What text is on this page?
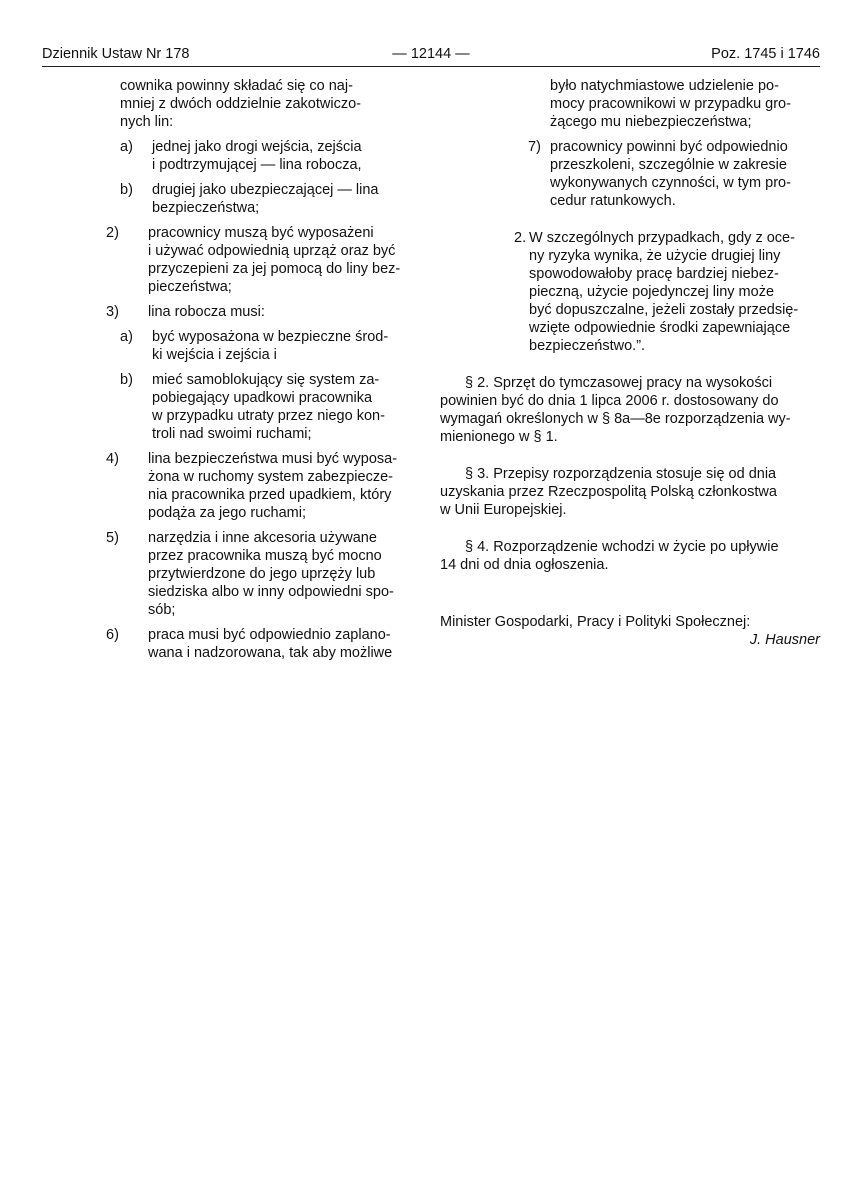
— 12144 —
Dziennik Ustaw Nr 178	Poz. 1745 i 1746
cownika powinny składać się co naj-
mniej z dwóch oddzielnie zakotwiczo-
nych lin:
a) jednej jako drogi wejścia, zejścia
i podtrzymującej — lina robocza,
b) drugiej jako ubezpieczającej — lina
bezpieczeństwa;
2) pracownicy muszą być wyposażeni
i używać odpowiednią uprząż oraz być
przyczepieni za jej pomocą do liny bez-
pieczeństwa;
3) lina robocza musi:
a) być wyposażona w bezpieczne środ-
ki wejścia i zejścia i
b) mieć samoblokujący się system za-
pobiegający upadkowi pracownika
w przypadku utraty przez niego kon-
troli nad swoimi ruchami;
4) lina bezpieczeństwa musi być wyposa-
żona w ruchomy system zabezpiecze-
nia pracownika przed upadkiem, który
podąża za jego ruchami;
5) narzędzia i inne akcesoria używane
przez pracownika muszą być mocno
przytwierdzone do jego uprzęży lub
siedziska albo w inny odpowiedni spo-
sób;
6) praca musi być odpowiednio zaplano-
wana i nadzorowana, tak aby możliwe
było natychmiastowe udzielenie po-
mocy pracownikowi w przypadku gro-
żącego mu niebezpieczeństwa;
7) pracownicy powinni być odpowiednio
przeszkoleni, szczególnie w zakresie
wykonywanych czynności, w tym pro-
cedur ratunkowych.
2. W szczególnych przypadkach, gdy z oce-
ny ryzyka wynika, że użycie drugiej liny
spowodowałoby pracę bardziej niebez-
pieczną, użycie pojedynczej liny może
być dopuszczalne, jeżeli zostały przedsię-
wzięte odpowiednie środki zapewniające
bezpieczeństwo.”.
§ 2. Sprzęt do tymczasowej pracy na wysokości
powinien być do dnia 1 lipca 2006 r. dostosowany do
wymagań określonych w § 8a—8e rozporządzenia wy-
mienionego w § 1.
§ 3. Przepisy rozporządzenia stosuje się od dnia
uzyskania przez Rzeczpospolitą Polską członkostwa
w Unii Europejskiej.
§ 4. Rozporządzenie wchodzi w życie po upływie
14 dni od dnia ogłoszenia.
Minister Gospodarki, Pracy i Polityki Społecznej:
J. Hausner
